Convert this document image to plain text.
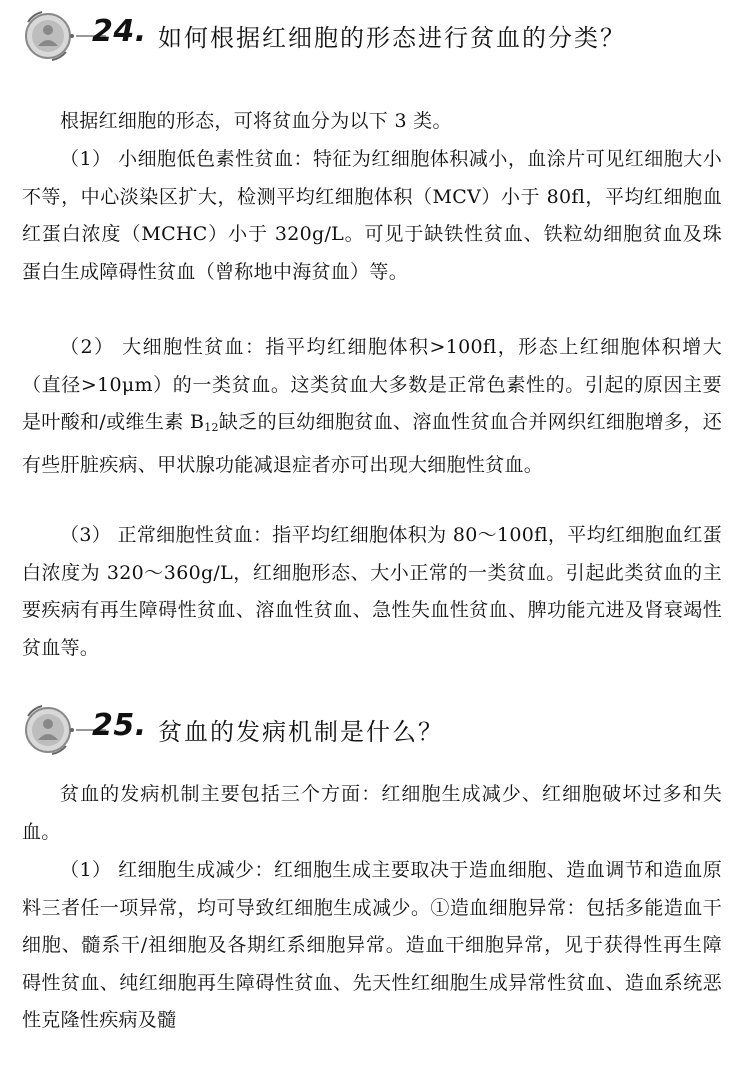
24. 如何根据红细胞的形态进行贫血的分类？

根据红细胞的形态，可将贫血分为以下 3 类。

（1） 小细胞低色素性贫血：特征为红细胞体积减小，血涂片可见红细胞大小不等，中心淡染区扩大，检测平均红细胞体积（MCV）小于 80fl，平均红细胞血红蛋白浓度（MCHC）小于 320g/L。可见于缺铁性贫血、铁粒幼细胞贫血及珠蛋白生成障碍性贫血（曾称地中海贫血）等。

（2） 大细胞性贫血：指平均红细胞体积>100fl，形态上红细胞体积增大（直径>10μm）的一类贫血。这类贫血大多数是正常色素性的。引起的原因主要是叶酸和/或维生素 $B_{12}$缺乏的巨幼细胞贫血、溶血性贫血合并网织红细胞增多，还有些肝脏疾病、甲状腺功能减退症者亦可出现大细胞性贫血。

（3） 正常细胞性贫血：指平均红细胞体积为 80～100fl，平均红细胞血红蛋白浓度为 320～360g/L，红细胞形态、大小正常的一类贫血。引起此类贫血的主要疾病有再生障碍性贫血、溶血性贫血、急性失血性贫血、脾功能亢进及肾衰竭性贫血等。

25. 贫血的发病机制是什么？

贫血的发病机制主要包括三个方面：红细胞生成减少、红细胞破坏过多和失血。

（1） 红细胞生成减少：红细胞生成主要取决于造血细胞、造血调节和造血原料三者任一项异常，均可导致红细胞生成减少。①造血细胞异常：包括多能造血干细胞、髓系干/祖细胞及各期红系细胞异常。造血干细胞异常，见于获得性再生障碍性贫血、纯红细胞再生障碍性贫血、先天性红细胞生成异常性贫血、造血系统恶性克隆性疾病及髓
